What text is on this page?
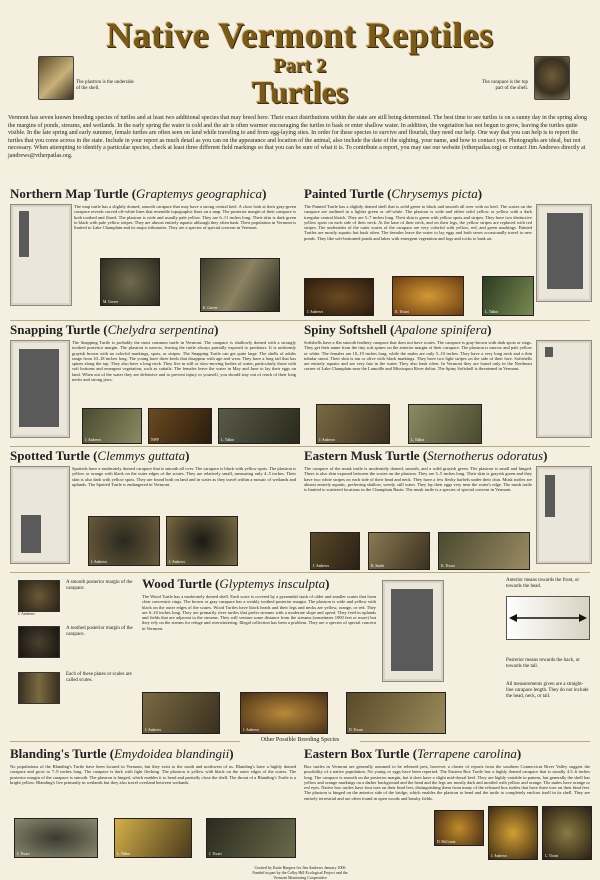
The plastron is the underside of the shell.
Native Vermont Reptiles
Part 2
Turtles	The carapace is the top part of the shell.
Vermont has seven known breeding species of turtles and at least two additional species that may breed here. Their exact distributions within the state are still being determined. The best time to see turtles is on a sunny day in the spring along the margins of ponds, streams, and wetlands. In the early spring the water is cold and the air is often warmer encouraging the turtles to bask or enter shallow water. In addition, the vegetation has not begun to grow, leaving the turtles quite visible. In the late spring and early summer, female turtles are often seen on land while traveling to and from egg-laying sites. In order for these species to survive and flourish, they need our help. One way that you can help is to report the turtles that you come across in the state. Include in your report as much detail as you can on the appearance and location of the animal, also include the date of the sighting, your name, and how to contact you. Photographs are ideal, but not necessary. When attempting to identify a particular species, check at least three different field markings so that you can be sure of what it is. To contribute a report, you may use our website (vtherpatlas.org) or contact Jim Andrews directly at jandrews@vtherpatlas.org.
Northern Map Turtle (Graptemys geographica)
The map turtle has a slightly domed, smooth carapace that may have a strong central keel. A close look at their gray-green carapace reveals curved off-white lines that resemble topographic lines on a map. The posterior margin of their carapace is both toothed and flared. The plastron is wide and usually pale yellow. They are 6–11 inches long. Their skin is dark green to black with pale yellow stripes. They are almost entirely aquatic although they often bask. Their population in Vermont is limited to Lake Champlain and its major tributaries. They are a species of special concern in Vermont.
M. Grover
K. Grover
Painted Turtle (Chrysemys picta)
The Painted Turtle has a slightly domed shell that is solid green to black and smooth all over with no keel. The scutes on the carapace are outlined in a lighter green or off-white. The plastron is wide and either solid yellow or yellow with a dark irregular central blotch. They are 5–7 inches long. Their skin is green with yellow spots and stripes. They have two distinctive yellow spots on each side of their neck. At the base of their neck, and on their legs, the yellow stripes are replaced with red stripes. The undersides of the outer scutes of the carapace are very colorful with yellow, red, and green markings. Painted Turtles are mostly aquatic but bask often. The females leave the water to lay eggs and both sexes occasionally travel to new ponds. They like soft-bottomed ponds and lakes with emergent vegetation and logs and rocks to bask on.
J. Andrews	K. Tiwari	L. Talbot
Snapping Turtle (Chelydra serpentina)
The Snapping Turtle is probably the most common turtle in Vermont. The carapace is shallowly domed with a strongly toothed posterior margin. The plastron is narrow, leaving the turtle always partially exposed to predators. It is uniformly grayish brown with no colorful markings, spots, or stripes. The Snapping Turtle can get quite large. The shells of adults range from 10–18 inches long. The young have three keels that disappear with age and wear. They have a long tail that has spines along the top. They also have a long neck. They live in still or slow-moving bodies of water, particularly those with soft bottoms and emergent vegetation, such as cattails. The females leave the water in May and June to lay their eggs on land. When out of the water they are defensive and to prevent injury to yourself, you should stay out of reach of their long necks and strong jaws.
J. Andrews	NWF	L. Talbot
Spiny Softshell (Apalone spinifera)
Softshells have a flat smooth leathery carapace that does not have scutes. The carapace is gray-brown with dark spots or rings. They get their name from the tiny soft spines on the anterior margin of their carapace. The plastron is narrow and pale yellow or white. The females are 10–19 inches long, while the males are only 5–10 inches. They have a very long neck and a thin tubular snout. Their skin is tan or olive with black markings. They have two light stripes on the side of their face. Softshells are entirely aquatic and are very fast in the water. They also bask often. In Vermont they are found only in the Northeast corner of Lake Champlain near the Lamoille and Missisquoi River deltas. The Spiny Softshell is threatened in Vermont.
J. Andrews	L. Talbot
Spotted Turtle (Clemmys guttata)
Spotteds have a moderately domed carapace that is smooth all over. The carapace is black with yellow spots. The plastron is yellow or orange with black on the outer edges of the scutes. They are relatively small, measuring only 4–5 inches. Their skin is also dark with yellow spots. They are found both on land and in water as they travel within a mosaic of wetlands and uplands. The Spotted Turtle is endangered in Vermont.
J. Andrews	J. Andrews
Eastern Musk Turtle (Sternotherus odoratus)
The carapace of the musk turtle is moderately domed, smooth, and a solid grayish green. The plastron is small and hinged. There is also skin exposed between the scutes on the plastron. They are 3–5 inches long. Their skin is grayish green and they have two white stripes on each side of their head and neck. They have a few fleshy barbels under their chin. Musk turtles are almost entirely aquatic, preferring shallow, weedy, still water. They lay their eggs very near the water's edge. The musk turtle is limited to scattered locations in the Champlain Basin. The musk turtle is a species of special concern in Vermont.
J. Andrews	K. Smith	K. Tiwari
J. Andrews
A smooth posterior margin of the carapace.
A toothed posterior margin of the carapace.
Each of these plates or scales are called scutes.
Wood Turtle (Glyptemys insculpta)
The Wood Turtle has a moderately domed shell. Each scute is covered by a pyramidal stack of older and smaller scutes that form clear concentric rings. The brown or gray carapace has a weakly toothed posterior margin. The plastron is wide and yellow with black on the outer edges of the scutes. Wood Turtles have black heads and their legs and necks are yellow, orange, or red. They are 6–10 inches long. They are primarily river turtles that prefer streams with a moderate slope and speed. They feed in uplands and fields that are adjacent to the streams. They will venture some distance from the streams (sometimes 1000 feet or more) but they rely on the stream for refuge and overwintering. Illegal collection has been a problem. They are a species of special concern in Vermont.
J. Andrews	J. Andrews	D. Tiwari
Anterior means towards the front, or towards the head.
Posterior means towards the back, or towards the tail.
All measurements given are a straight-line carapace length. They do not include the head, neck, or tail.
Other Possible Breeding Species
Blanding's Turtle (Emydoidea blandingii)
No populations of the Blanding's Turtle have been located in Vermont, but they exist to the south and northwest of us. Blanding's have a highly domed carapace and grow to 7–9 inches long. The carapace is dark with light flecking. The plastron is yellow with black on the outer edges of the scutes. The posterior margin of the carapace is smooth. The plastron is hinged, which enables it to bend and partially close the shell. The throat of a Blanding's Turtle is a bright yellow. Blanding's live primarily in wetlands but they also travel overland between wetlands.
J. Tiwari	L. Talbot	J. Tiwari
Eastern Box Turtle (Terrapene carolina)
Box turtles in Vermont are generally assumed to be released pets, however a cluster of reports from the southern Connecticut River Valley suggest the possibility of a native population. No young or eggs have been reported. The Eastern Box Turtle has a highly domed carapace that is usually 4.5–6 inches long. The carapace is smooth on the posterior margin, but it does have a slight mid-dorsal keel. They are highly variable in pattern, but generally the shell has yellow and orange markings on a darker background and the head and the legs are mostly dark and mottled with yellow and orange. The males have orange or red eyes. Native box turtles have four toes on their hind feet, distinguishing them from many of the released box turtles that have three toes on their hind feet. The plastron is hinged on the anterior side of the bridge, which enables the plastron to bend and the turtle to completely enclose itself in its shell. They are entirely terrestrial and are often found in open woods and brushy fields.
D. McCrorie
J. Andrews	L. Tiwari
Created by Katie Burgess for Jim Andrews January 2006
Funded in part by the Colby Hill Ecological Project and the
Vermont Monitoring Cooperative
